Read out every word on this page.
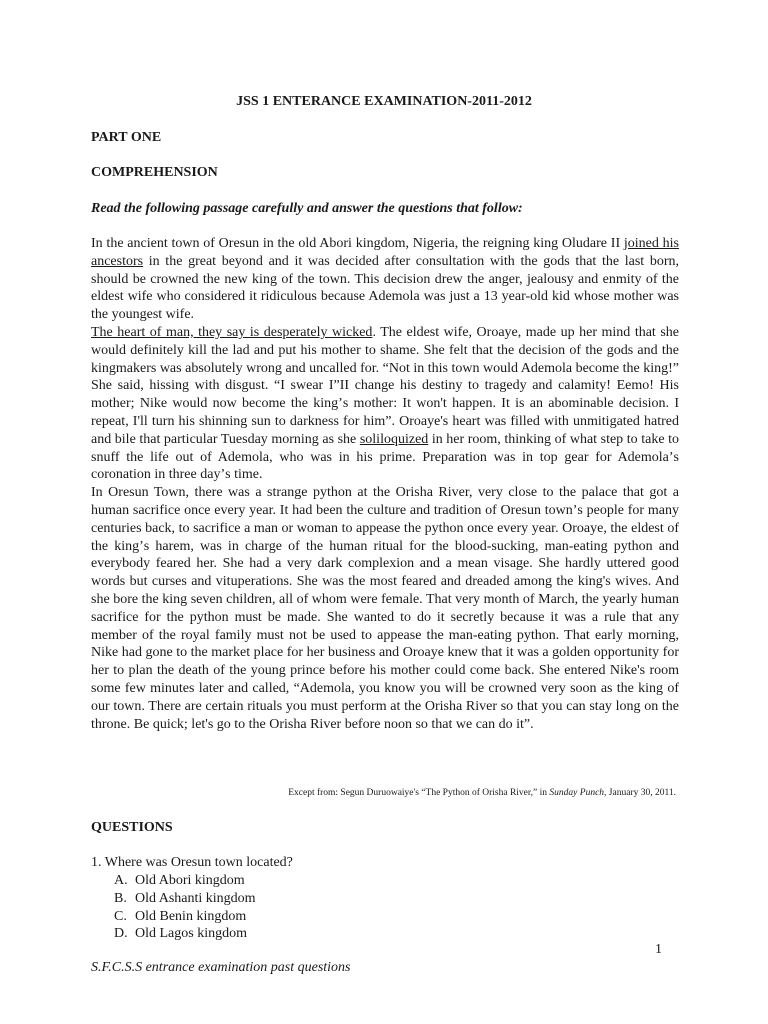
JSS 1 ENTERANCE EXAMINATION-2011-2012
PART ONE
COMPREHENSION
Read the following passage carefully and answer the questions that follow:

In the ancient town of Oresun in the old Abori kingdom, Nigeria, the reigning king Oludare II joined his ancestors in the great beyond and it was decided after consultation with the gods that the last born, should be crowned the new king of the town. This decision drew the anger, jealousy and enmity of the eldest wife who considered it ridiculous because Ademola was just a 13 year-old kid whose mother was the youngest wife.

The heart of man, they say is desperately wicked. The eldest wife, Oroaye, made up her mind that she would definitely kill the lad and put his mother to shame. She felt that the decision of the gods and the kingmakers was absolutely wrong and uncalled for. “Not in this town would Ademola become the king!” She said, hissing with disgust. “I swear I”II change his destiny to tragedy and calamity! Eemo! His mother; Nike would now become the kingʼs mother: It won't happen. It is an abominable decision. I repeat, I'll turn his shinning sun to darkness for him”. Oroaye's heart was filled with unmitigated hatred and bile that particular Tuesday morning as she soliloquized in her room, thinking of what step to take to snuff the life out of Ademola, who was in his prime. Preparation was in top gear for Ademolaʼs coronation in three dayʼs time.

In Oresun Town, there was a strange python at the Orisha River, very close to the palace that got a human sacrifice once every year. It had been the culture and tradition of Oresun townʼs people for many centuries back, to sacrifice a man or woman to appease the python once every year. Oroaye, the eldest of the kingʼs harem, was in charge of the human ritual for the blood-sucking, man-eating python and everybody feared her. She had a very dark complexion and a mean visage. She hardly uttered good words but curses and vituperations. She was the most feared and dreaded among the king's wives. And she bore the king seven children, all of whom were female. That very month of March, the yearly human sacrifice for the python must be made. She wanted to do it secretly because it was a rule that any member of the royal family must not be used to appease the man-eating python. That early morning, Nike had gone to the market place for her business and Oroaye knew that it was a golden opportunity for her to plan the death of the young prince before his mother could come back. She entered Nike's room some few minutes later and called, “Ademola, you know you will be crowned very soon as the king of our town. There are certain rituals you must perform at the Orisha River so that you can stay long on the throne. Be quick; let's go to the Orisha River before noon so that we can do it”.

Except from: Segun Duruowaiye's “The Python of Orisha River,” in Sunday Punch, January 30, 2011.
QUESTIONS
1. Where was Oresun town located?
A. Old Abori kingdom
B. Old Ashanti kingdom
C. Old Benin kingdom
D. Old Lagos kingdom
1
S.F.C.S.S entrance examination past questions
